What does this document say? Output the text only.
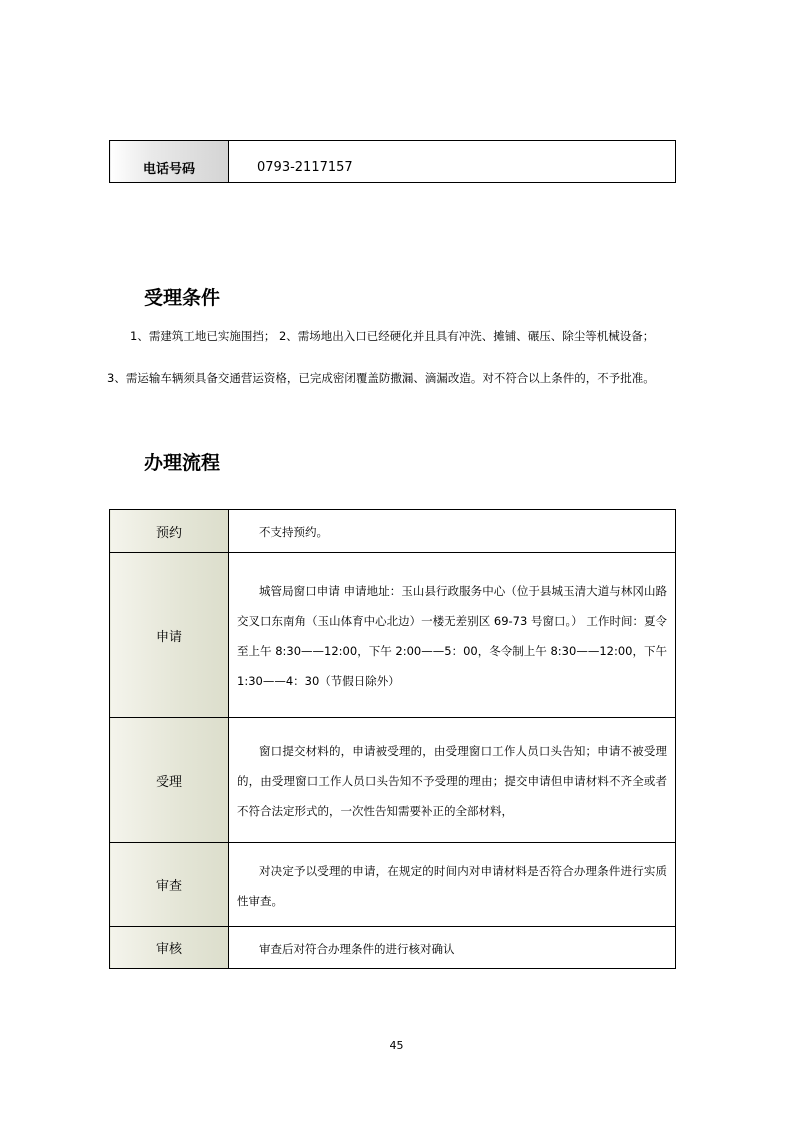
电话号码	0793-2117157
受理条件

1、需建筑工地已实施围挡； 2、需场地出入口已经硬化并且具有冲洗、摊铺、碾压、除尘等机械设备；

3、需运输车辆须具备交通营运资格，已完成密闭覆盖防撒漏、滴漏改造。对不符合以上条件的，不予批准。

办理流程
预约	不支持预约。

申请	城管局窗口申请 申请地址：玉山县行政服务中心（位于县城玉清大道与林冈山路交叉口东南角（玉山体育中心北边）一楼无差别区 69-73 号窗口。） 工作时间：夏令至上午 8:30——12:00，下午 2:00——5：00，冬令制上午 8:30——12:00，下午 1:30——4：30（节假日除外）

受理	窗口提交材料的，申请被受理的，由受理窗口工作人员口头告知；申请不被受理的，由受理窗口工作人员口头告知不予受理的理由；提交申请但申请材料不齐全或者不符合法定形式的，一次性告知需要补正的全部材料，

审查	对决定予以受理的申请，在规定的时间内对申请材料是否符合办理条件进行实质性审查。

审核	审查后对符合办理条件的进行核对确认

45
